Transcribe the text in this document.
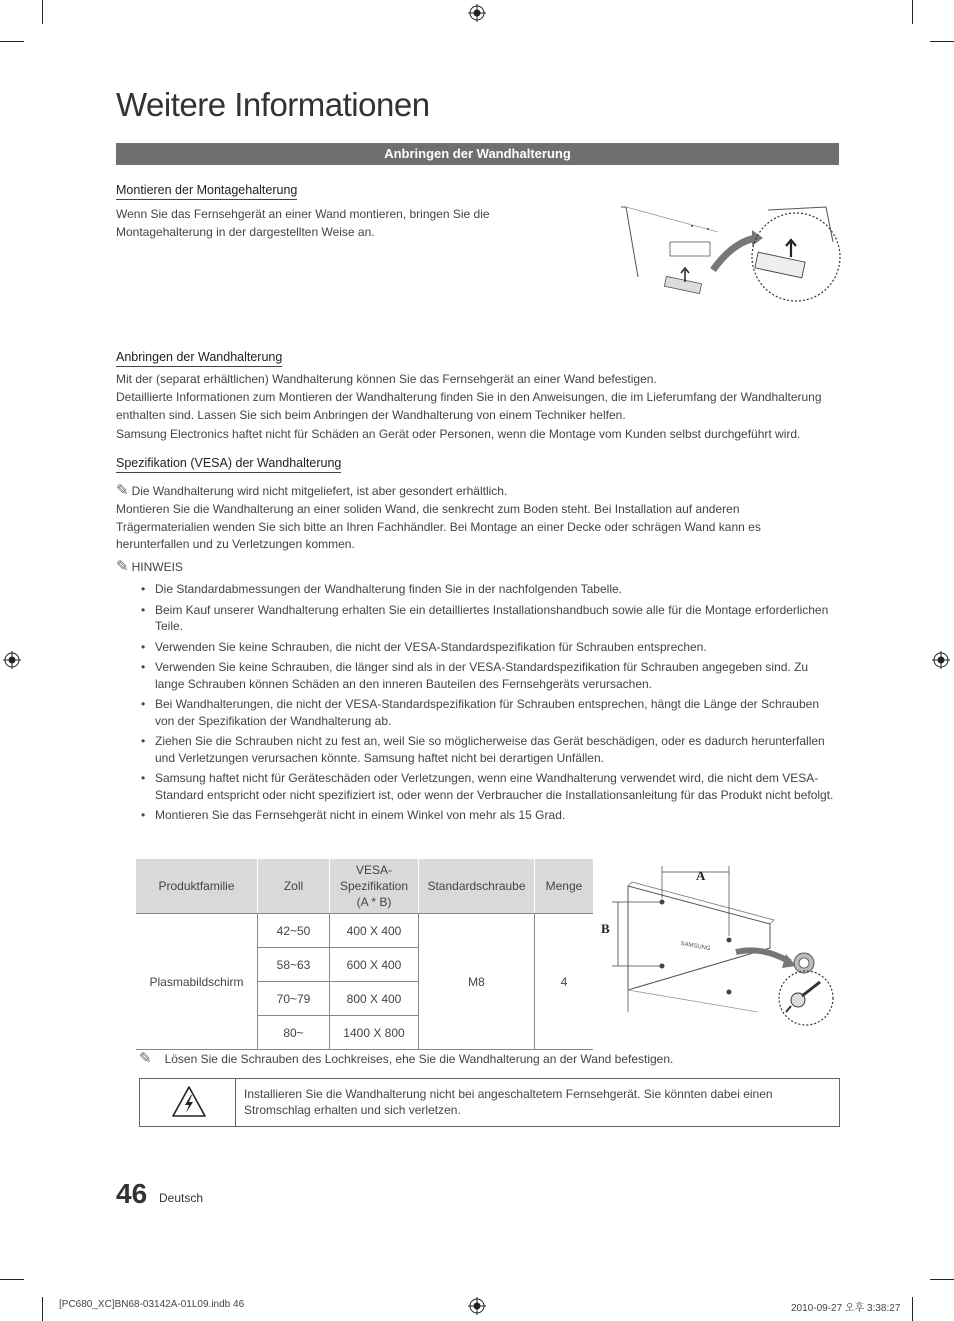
Weitere Informationen
Anbringen der Wandhalterung
Montieren der Montagehalterung
Wenn Sie das Fernsehgerät an einer Wand montieren, bringen Sie die Montagehalterung in der dargestellten Weise an.
Anbringen der Wandhalterung
Mit der (separat erhältlichen) Wandhalterung können Sie das Fernsehgerät an einer Wand befestigen.
Detaillierte Informationen zum Montieren der Wandhalterung finden Sie in den Anweisungen, die im Lieferumfang der Wandhalterung enthalten sind. Lassen Sie sich beim Anbringen der Wandhalterung von einem Techniker helfen.
Samsung Electronics haftet nicht für Schäden an Gerät oder Personen, wenn die Montage vom Kunden selbst durchgeführt wird.
Spezifikation (VESA) der Wandhalterung
✎ Die Wandhalterung wird nicht mitgeliefert, ist aber gesondert erhältlich.
Montieren Sie die Wandhalterung an einer soliden Wand, die senkrecht zum Boden steht. Bei Installation auf anderen Trägermaterialien wenden Sie sich bitte an Ihren Fachhändler. Bei Montage an einer Decke oder schrägen Wand kann es herunterfallen und zu Verletzungen kommen.
✎ HINWEIS
• Die Standardabmessungen der Wandhalterung finden Sie in der nachfolgenden Tabelle.
• Beim Kauf unserer Wandhalterung erhalten Sie ein detailliertes Installationshandbuch sowie alle für die Montage erforderlichen Teile.
• Verwenden Sie keine Schrauben, die nicht der VESA-Standardspezifikation für Schrauben entsprechen.
• Verwenden Sie keine Schrauben, die länger sind als in der VESA-Standardspezifikation für Schrauben angegeben sind. Zu lange Schrauben können Schäden an den inneren Bauteilen des Fernsehgeräts verursachen.
• Bei Wandhalterungen, die nicht der VESA-Standardspezifikation für Schrauben entsprechen, hängt die Länge der Schrauben von der Spezifikation der Wandhalterung ab.
• Ziehen Sie die Schrauben nicht zu fest an, weil Sie so möglicherweise das Gerät beschädigen, oder es dadurch herunterfallen und Verletzungen verursachen könnte. Samsung haftet nicht bei derartigen Unfällen.
• Samsung haftet nicht für Geräteschäden oder Verletzungen, wenn eine Wandhalterung verwendet wird, die nicht dem VESA-Standard entspricht oder nicht spezifiziert ist, oder wenn der Verbraucher die Installationsanleitung für das Produkt nicht befolgt.
• Montieren Sie das Fernsehgerät nicht in einem Winkel von mehr als 15 Grad.
Produktfamilie	Zoll	VESA-Spezifikation (A * B)	Standardschraube	Menge
Plasmabildschirm	42~50	400 X 400	M8	4
	58~63	600 X 400		
	70~79	800 X 400		
	80~	1400 X 800		
A
B
SAMSUNG
✎ Lösen Sie die Schrauben des Lochkreises, ehe Sie die Wandhalterung an der Wand befestigen.
Installieren Sie die Wandhalterung nicht bei angeschaltetem Fernsehgerät. Sie könnten dabei einen Stromschlag erhalten und sich verletzen.
46 Deutsch
[PC680_XC]BN68-03142A-01L09.indb 46	2010-09-27 오후 3:38:27
